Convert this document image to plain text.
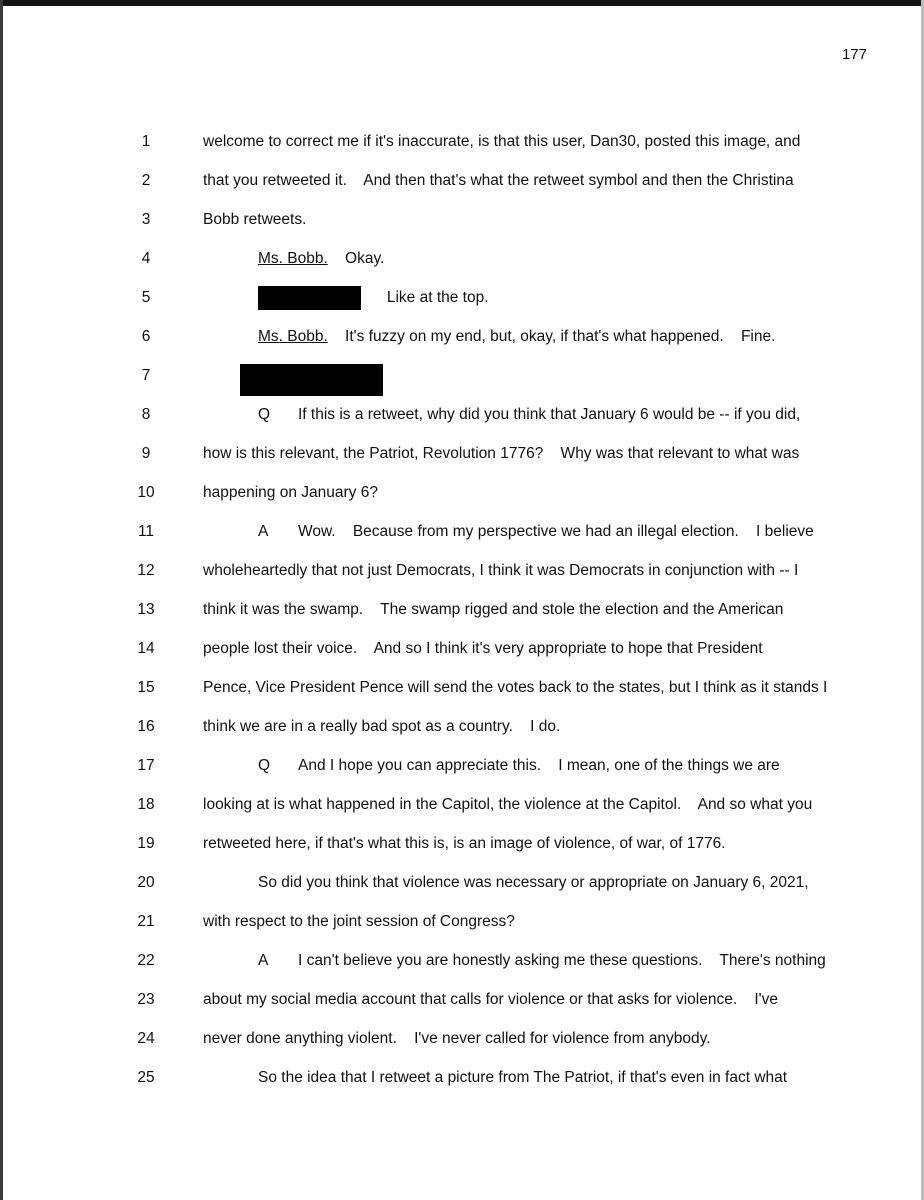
177
1	welcome to correct me if it's inaccurate, is that this user, Dan30, posted this image, and
2	that you retweeted it.    And then that's what the retweet symbol and then the Christina
3	Bobb retweets.
4	Ms. Bobb. Okay.
5	Like at the top.
6	Ms. Bobb. It's fuzzy on my end, but, okay, if that's what happened.    Fine.
7
8	Q If this is a retweet, why did you think that January 6 would be -- if you did,
9	how is this relevant, the Patriot, Revolution 1776?    Why was that relevant to what was
10	happening on January 6?
11	A Wow.    Because from my perspective we had an illegal election.    I believe
12	wholeheartedly that not just Democrats, I think it was Democrats in conjunction with -- I
13	think it was the swamp.    The swamp rigged and stole the election and the American
14	people lost their voice.    And so I think it's very appropriate to hope that President
15	Pence, Vice President Pence will send the votes back to the states, but I think as it stands I
16	think we are in a really bad spot as a country.    I do.
17	Q And I hope you can appreciate this.    I mean, one of the things we are
18	looking at is what happened in the Capitol, the violence at the Capitol.    And so what you
19	retweeted here, if that's what this is, is an image of violence, of war, of 1776.
20	So did you think that violence was necessary or appropriate on January 6, 2021,
21	with respect to the joint session of Congress?
22	A I can't believe you are honestly asking me these questions.    There's nothing
23	about my social media account that calls for violence or that asks for violence.    I've
24	never done anything violent.    I've never called for violence from anybody.
25	So the idea that I retweet a picture from The Patriot, if that's even in fact what
